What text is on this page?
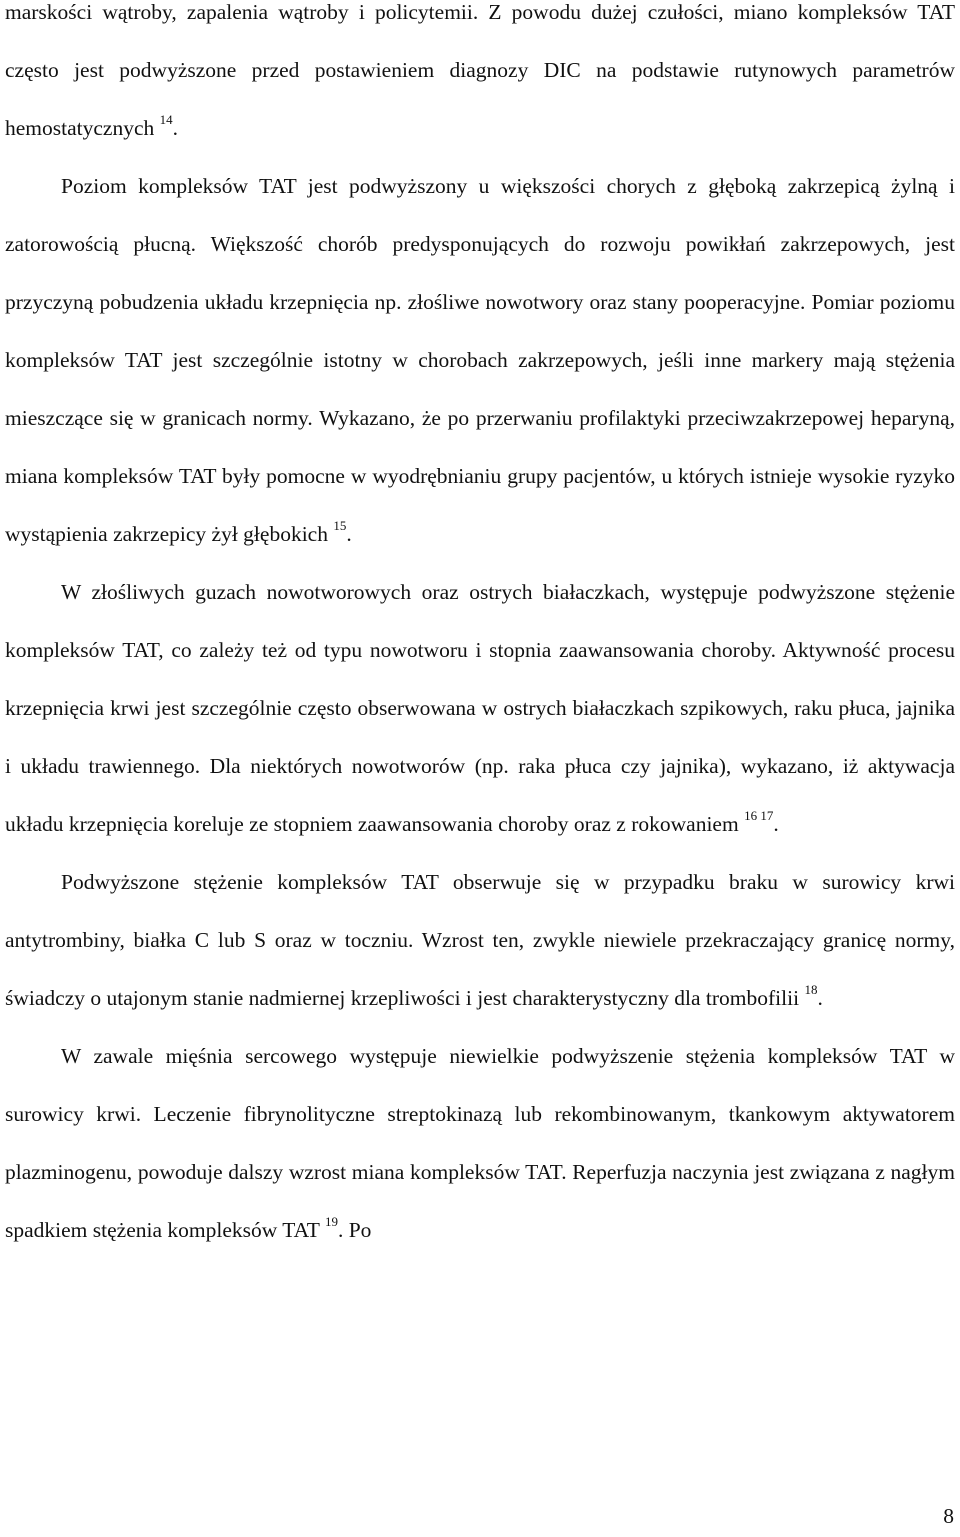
marskości wątroby, zapalenia wątroby i policytemii. Z powodu dużej czułości, miano kompleksów TAT często jest podwyższone przed postawieniem diagnozy DIC na podstawie rutynowych parametrów hemostatycznych $^{14}$.

Poziom kompleksów TAT jest podwyższony u większości chorych z głęboką zakrzepicą żylną i zatorowością płucną. Większość chorób predysponujących do rozwoju powikłań zakrzepowych, jest przyczyną pobudzenia układu krzepnięcia np. złośliwe nowotwory oraz stany pooperacyjne. Pomiar poziomu kompleksów TAT jest szczególnie istotny w chorobach zakrzepowych, jeśli inne markery mają stężenia mieszczące się w granicach normy. Wykazano, że po przerwaniu profilaktyki przeciwzakrzepowej heparyną, miana kompleksów TAT były pomocne w wyodrębnianiu grupy pacjentów, u których istnieje wysokie ryzyko wystąpienia zakrzepicy żył głębokich $^{15}$.

W złośliwych guzach nowotworowych oraz ostrych białaczkach, występuje podwyższone stężenie kompleksów TAT, co zależy też od typu nowotworu i stopnia zaawansowania choroby. Aktywność procesu krzepnięcia krwi jest szczególnie często obserwowana w ostrych białaczkach szpikowych, raku płuca, jajnika i układu trawiennego. Dla niektórych nowotworów (np. raka płuca czy jajnika), wykazano, iż aktywacja układu krzepnięcia koreluje ze stopniem zaawansowania choroby oraz z rokowaniem $^{16 17}$.

Podwyższone stężenie kompleksów TAT obserwuje się w przypadku braku w surowicy krwi antytrombiny, białka C lub S oraz w toczniu. Wzrost ten, zwykle niewiele przekraczający granicę normy, świadczy o utajonym stanie nadmiernej krzepliwości i jest charakterystyczny dla trombofilii $^{18}$.

W zawale mięśnia sercowego występuje niewielkie podwyższenie stężenia kompleksów TAT w surowicy krwi. Leczenie fibrynolityczne streptokinazą lub rekombinowanym, tkankowym aktywatorem plazminogenu, powoduje dalszy wzrost miana kompleksów TAT. Reperfuzja naczynia jest związana z nagłym spadkiem stężenia kompleksów TAT $^{19}$. Po

8
